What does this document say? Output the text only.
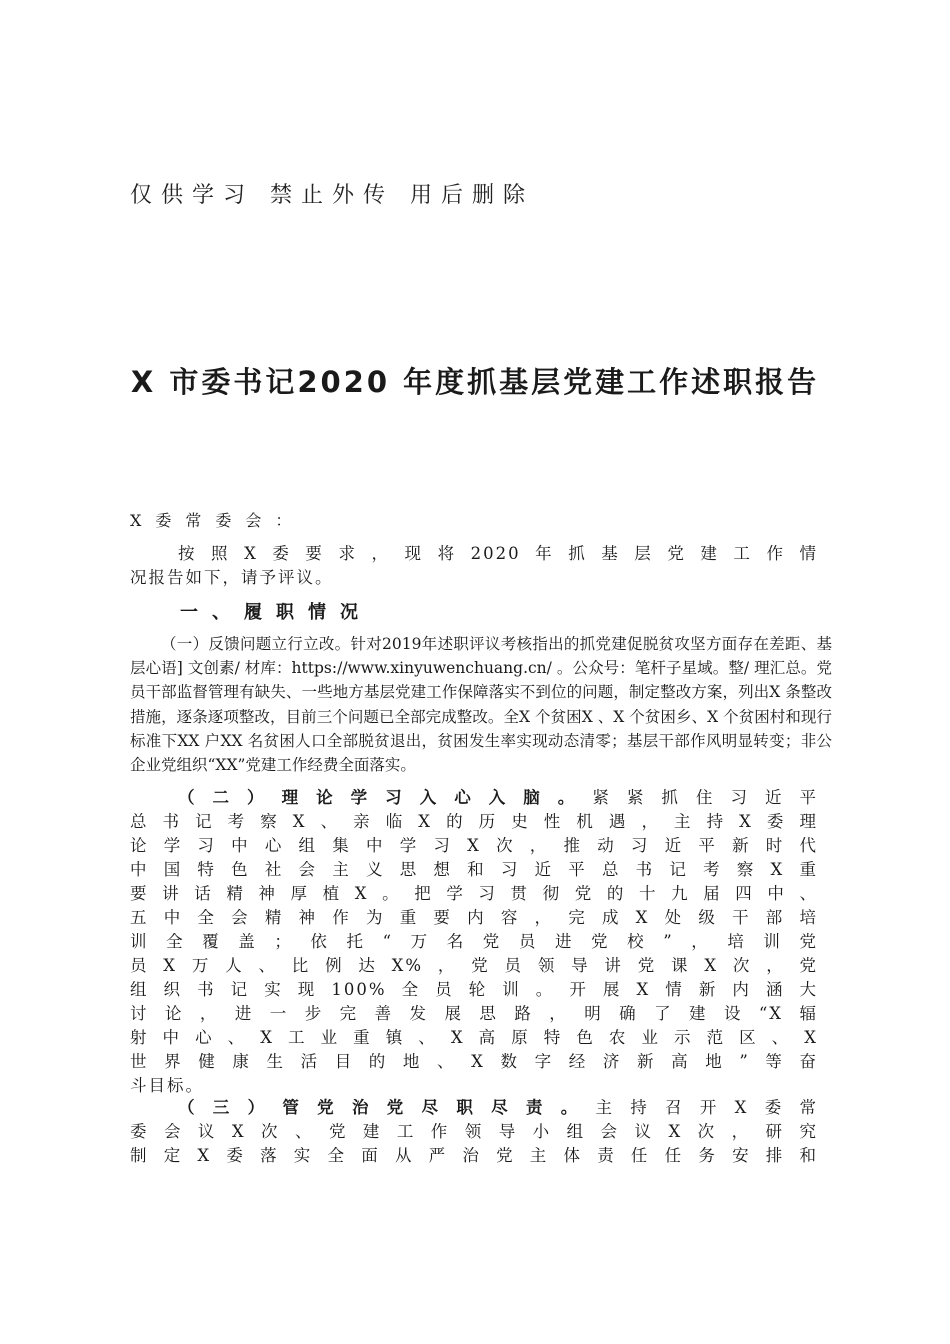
仅供学习 禁止外传 用后删除
X 市委书记2020 年度抓基层党建工作述职报告
X委常委会：
按照X委要求，现将2020年抓基层党建工作情
况报告如下，请予评议。
一、履职情况

（一）反馈问题立行立改。针对2019年述职评议考核指出的抓党建促脱贫攻坚方面存在差距、基层心语] 文创素/ 材库：https://www.xinyuwenchuang.cn/ 。公众号：笔杆子星域。整/ 理汇总。党员干部监督管理有缺失、一些地方基层党建工作保障落实不到位的问题，制定整改方案，列出X 条整改措施，逐条逐项整改，目前三个问题已全部完成整改。全X 个贫困X 、X 个贫困乡、X 个贫困村和现行标准下XX 户XX 名贫困人口全部脱贫退出，贫困发生率实现动态清零；基层干部作风明显转变；非公企业党组织“XX”党建工作经费全面落实。

（二）理论学习入心入脑。紧紧抓住习近平
总书记考察X、亲临X的历史性机遇，主持X委理
论学习中心组集中学习X次，推动习近平新时代
中国特色社会主义思想和习近平总书记考察X重
要讲话精神厚植X。把学习贯彻党的十九届四中、
五中全会精神作为重要内容，完成X处级干部培
训全覆盖；依托“万名党员进党校”，培训党
员X万人、比例达X%，党员领导讲党课X次，党
组织书记实现100%全员轮训。开展X情新内涵大
讨论，进一步完善发展思路，明确了建设“X辐
射中心、X工业重镇、X高原特色农业示范区、X
世界健康生活目的地、X数字经济新高地”等奋
斗目标。
（三）管党治党尽职尽责。主持召开X委常
委会议X次、党建工作领导小组会议X次，研究
制定X委落实全面从严治党主体责任任务安排和
